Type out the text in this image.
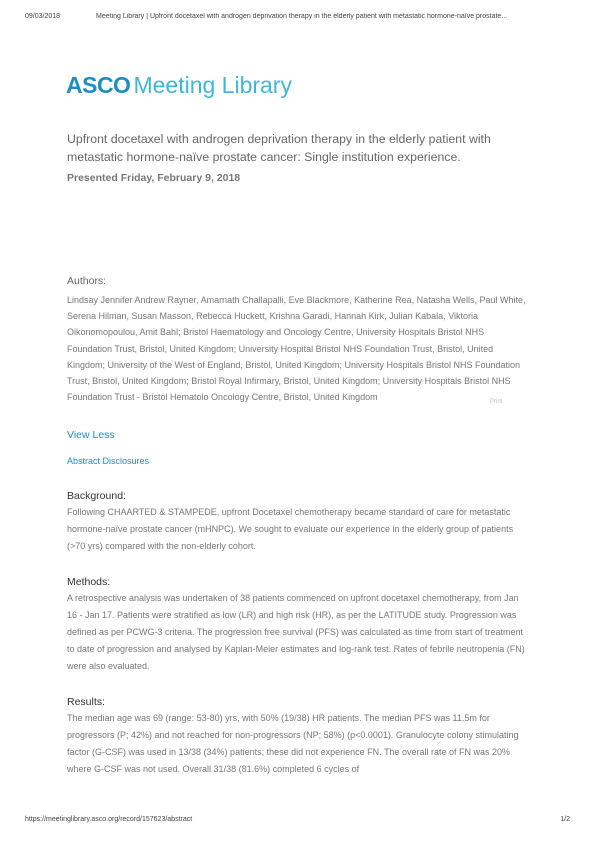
09/03/2018	Meeting Library | Upfront docetaxel with androgen deprivation therapy in the elderly patient with metastatic hormone-naïve prostate...
ASCO Meeting Library
Upfront docetaxel with androgen deprivation therapy in the elderly patient with metastatic hormone-naïve prostate cancer: Single institution experience.
Presented Friday, February 9, 2018
Authors:
Lindsay Jennifer Andrew Rayner, Amarnath Challapalli, Eve Blackmore, Katherine Rea, Natasha Wells, Paul White, Serena Hilman, Susan Masson, Rebecca Huckett, Krishna Garadi, Hannah Kirk, Julian Kabala, Viktoria Oikonomopoulou, Amit Bahl; Bristol Haematology and Oncology Centre, University Hospitals Bristol NHS Foundation Trust, Bristol, United Kingdom; University Hospital Bristol NHS Foundation Trust, Bristol, United Kingdom; University of the West of England, Bristol, United Kingdom; University Hospitals Bristol NHS Foundation Trust, Bristol, United Kingdom; Bristol Royal Infirmary, Bristol, United Kingdom; University Hospitals Bristol NHS Foundation Trust - Bristol Hematolo Oncology Centre, Bristol, United Kingdom	Print
View Less
Abstract Disclosures
Background:
Following CHAARTED & STAMPEDE, upfront Docetaxel chemotherapy became standard of care for metastatic hormone-naïve prostate cancer (mHNPC). We sought to evaluate our experience in the elderly group of patients (>70 yrs) compared with the non-elderly cohort.
Methods:
A retrospective analysis was undertaken of 38 patients commenced on upfront docetaxel chemotherapy, from Jan 16 - Jan 17. Patients were stratified as low (LR) and high risk (HR), as per the LATITUDE study. Progression was defined as per PCWG-3 criteria. The progression free survival (PFS) was calculated as time from start of treatment to date of progression and analysed by Kaplan-Meier estimates and log-rank test. Rates of febrile neutropenia (FN) were also evaluated.
Results:
The median age was 69 (range: 53-80) yrs, with 50% (19/38) HR patients. The median PFS was 11.5m for progressors (P; 42%) and not reached for non-progressors (NP; 58%) (p<0.0001). Granulocyte colony stimulating factor (G-CSF) was used in 13/38 (34%) patients; these did not experience FN. The overall rate of FN was 20% where G-CSF was not used. Overall 31/38 (81.6%) completed 6 cycles of
https://meetinglibrary.asco.org/record/157623/abstract	1/2
